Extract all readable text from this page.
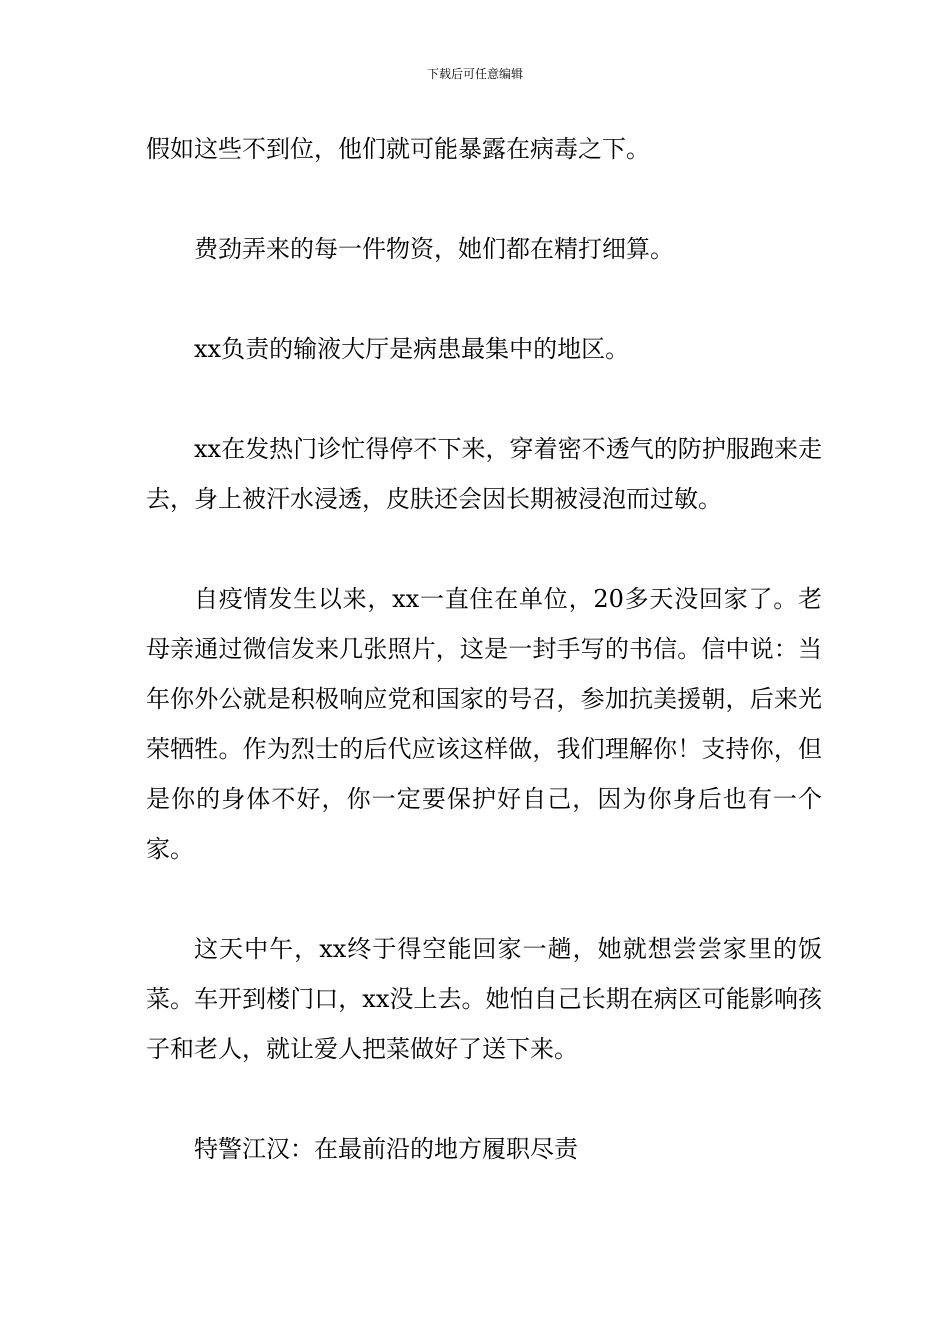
下载后可任意编辑

假如这些不到位，他们就可能暴露在病毒之下。

费劲弄来的每一件物资，她们都在精打细算。

xx负责的输液大厅是病患最集中的地区。

xx在发热门诊忙得停不下来，穿着密不透气的防护服跑来走去，身上被汗水浸透，皮肤还会因长期被浸泡而过敏。

自疫情发生以来，xx一直住在单位，20多天没回家了。老母亲通过微信发来几张照片，这是一封手写的书信。信中说：当年你外公就是积极响应党和国家的号召，参加抗美援朝，后来光荣牺牲。作为烈士的后代应该这样做，我们理解你！支持你，但是你的身体不好，你一定要保护好自己，因为你身后也有一个家。

这天中午，xx终于得空能回家一趟，她就想尝尝家里的饭菜。车开到楼门口，xx没上去。她怕自己长期在病区可能影响孩子和老人，就让爱人把菜做好了送下来。

特警江汉：在最前沿的地方履职尽责
